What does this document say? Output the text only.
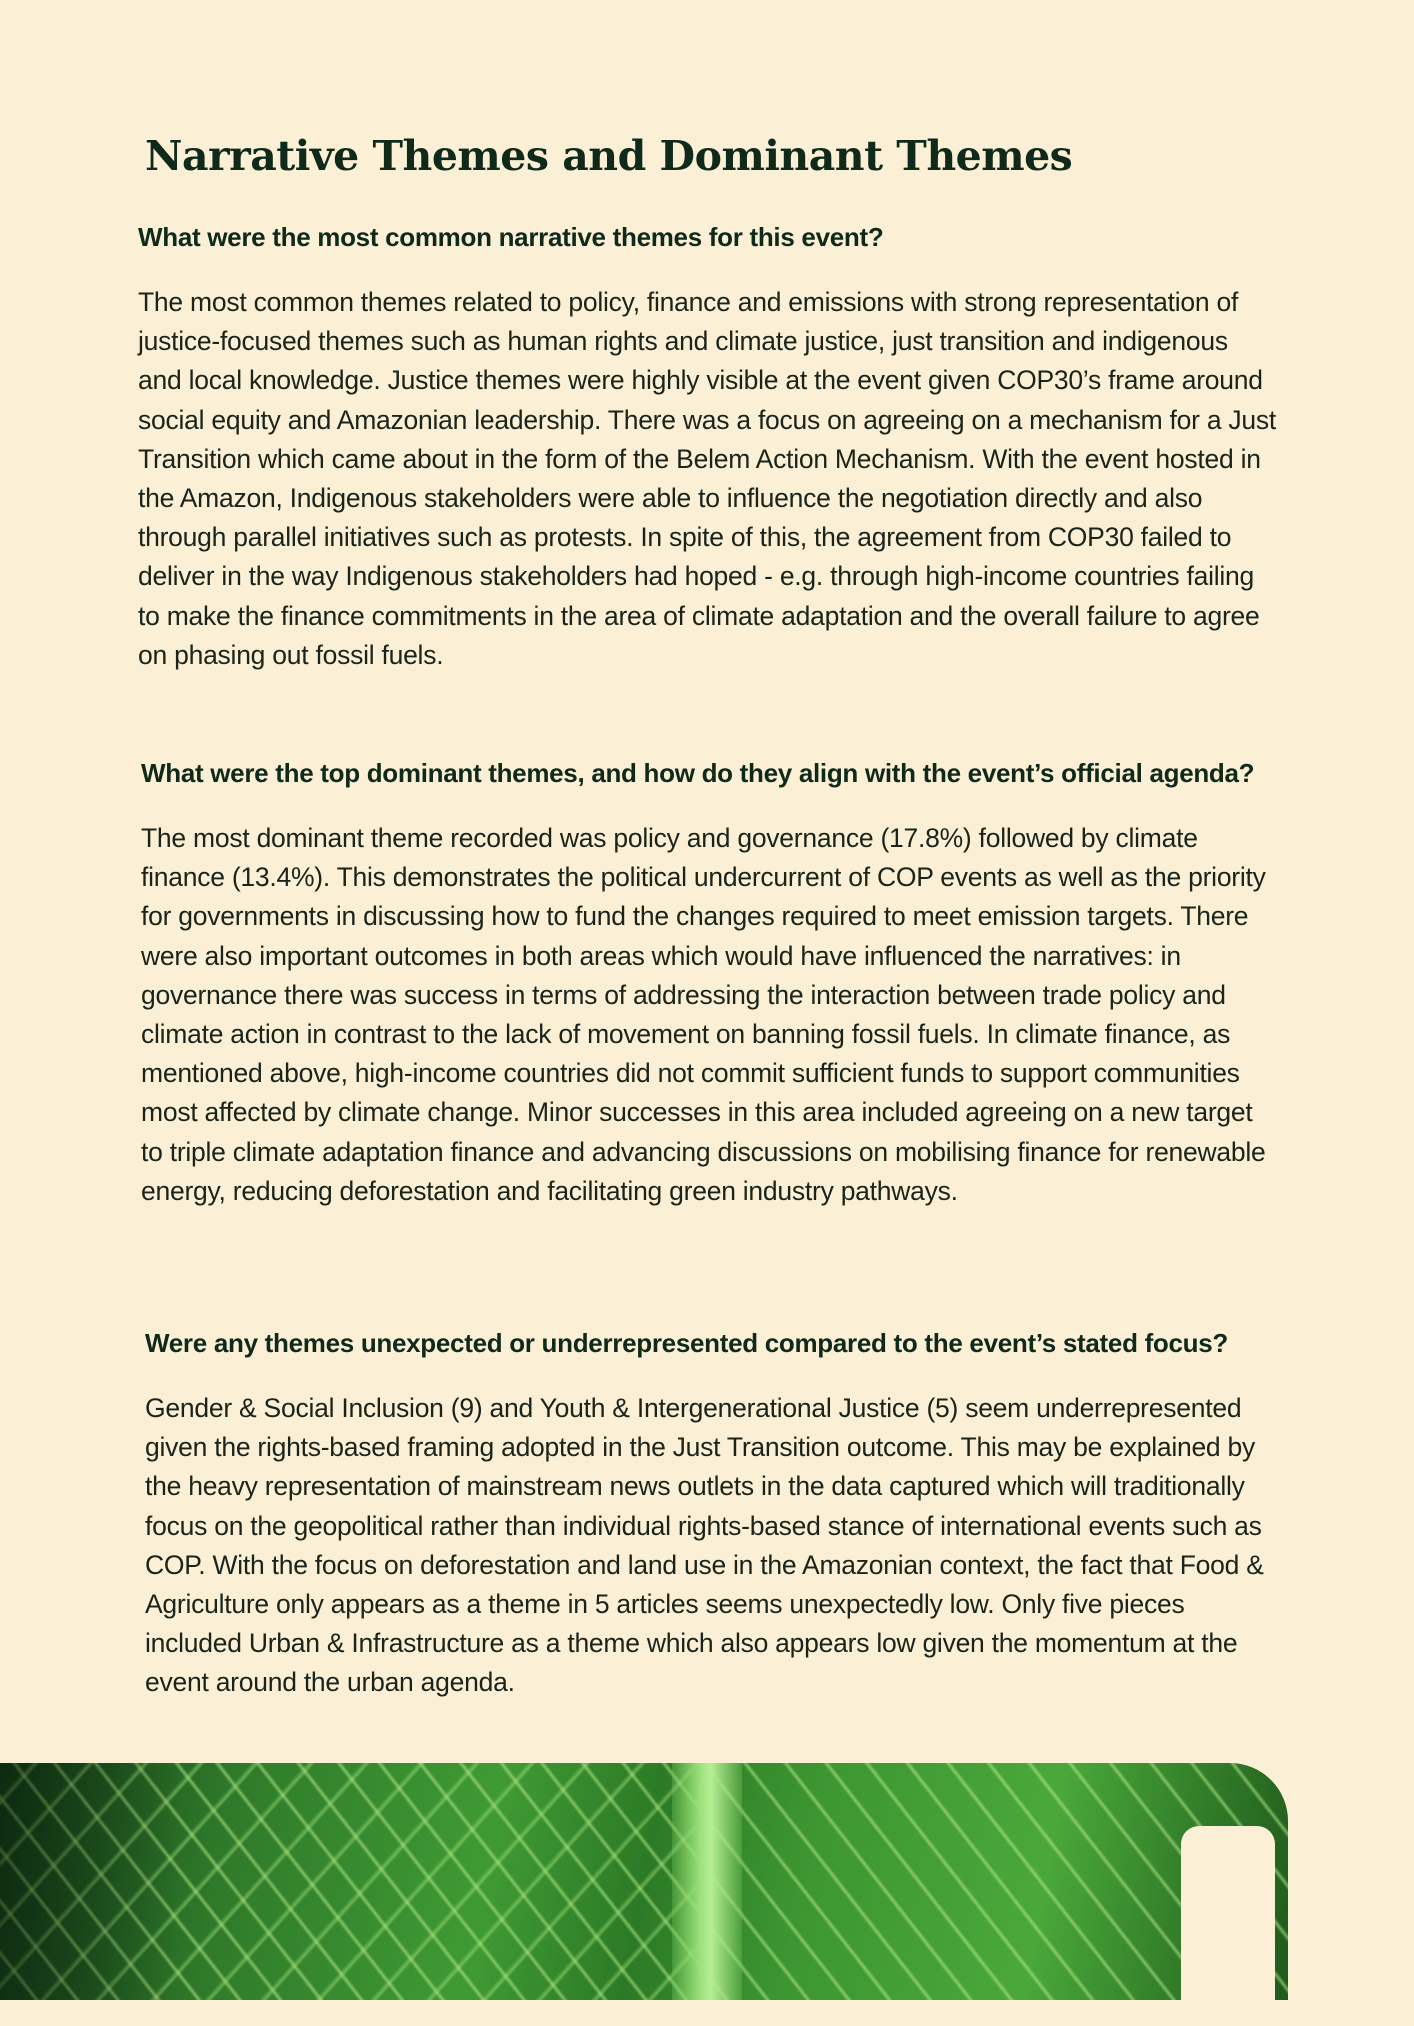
Narrative Themes and Dominant Themes
What were the most common narrative themes for this event?

The most common themes related to policy, finance and emissions with strong representation of justice-focused themes such as human rights and climate justice, just transition and indigenous and local knowledge. Justice themes were highly visible at the event given COP30’s frame around social equity and Amazonian leadership. There was a focus on agreeing on a mechanism for a Just Transition which came about in the form of the Belem Action Mechanism. With the event hosted in the Amazon, Indigenous stakeholders were able to influence the negotiation directly and also through parallel initiatives such as protests. In spite of this, the agreement from COP30 failed to deliver in the way Indigenous stakeholders had hoped - e.g. through high-income countries failing to make the finance commitments in the area of climate adaptation and the overall failure to agree on phasing out fossil fuels.

What were the top dominant themes, and how do they align with the event’s official agenda?

The most dominant theme recorded was policy and governance (17.8%) followed by climate finance (13.4%). This demonstrates the political undercurrent of COP events as well as the priority for governments in discussing how to fund the changes required to meet emission targets. There were also important outcomes in both areas which would have influenced the narratives: in governance there was success in terms of addressing the interaction between trade policy and climate action in contrast to the lack of movement on banning fossil fuels. In climate finance, as mentioned above, high-income countries did not commit sufficient funds to support communities most affected by climate change. Minor successes in this area included agreeing on a new target to triple climate adaptation finance and advancing discussions on mobilising finance for renewable energy, reducing deforestation and facilitating green industry pathways.

Were any themes unexpected or underrepresented compared to the event’s stated focus?

Gender & Social Inclusion (9) and Youth & Intergenerational Justice (5) seem underrepresented given the rights-based framing adopted in the Just Transition outcome. This may be explained by the heavy representation of mainstream news outlets in the data captured which will traditionally focus on the geopolitical rather than individual rights-based stance of international events such as COP. With the focus on deforestation and land use in the Amazonian context, the fact that Food & Agriculture only appears as a theme in 5 articles seems unexpectedly low. Only five pieces included Urban & Infrastructure as a theme which also appears low given the momentum at the event around the urban agenda.
